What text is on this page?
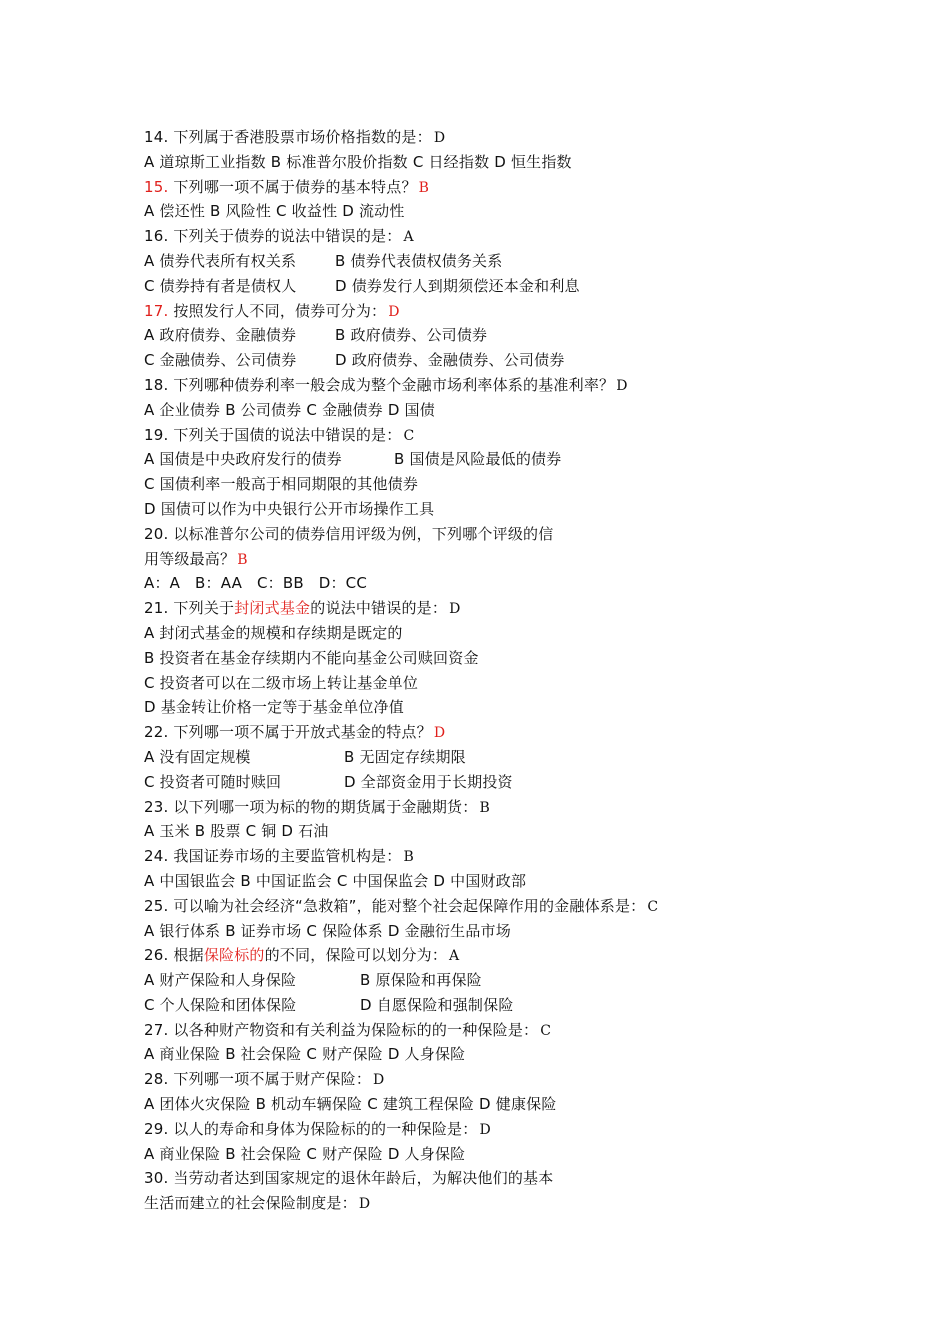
14. 下列属于香港股票市场价格指数的是： D
A 道琼斯工业指数 B 标准普尔股价指数 C 日经指数 D 恒生指数
15. 下列哪一项不属于债券的基本特点？ B
A 偿还性 B 风险性 C 收益性 D 流动性
16. 下列关于债券的说法中错误的是： A
A 债券代表所有权关系	B 债券代表债权债务关系
C 债券持有者是债权人	D 债券发行人到期须偿还本金和利息
17. 按照发行人不同，债券可分为： D
A 政府债券、金融债券	B 政府债券、公司债券
C 金融债券、公司债券	D 政府债券、金融债券、公司债券
18. 下列哪种债券利率一般会成为整个金融市场利率体系的基准利率？ D
A 企业债券 B 公司债券 C 金融债券 D 国债
19. 下列关于国债的说法中错误的是： C
A 国债是中央政府发行的债券	B 国债是风险最低的债券
C 国债利率一般高于相同期限的其他债券
D 国债可以作为中央银行公开市场操作工具
20. 以标准普尔公司的债券信用评级为例，下列哪个评级的信
用等级最高？ B
A：A   B：AA   C：BB   D：CC
21. 下列关于封闭式基金的说法中错误的是： D
A 封闭式基金的规模和存续期是既定的
B 投资者在基金存续期内不能向基金公司赎回资金
C 投资者可以在二级市场上转让基金单位
D 基金转让价格一定等于基金单位净值
22. 下列哪一项不属于开放式基金的特点？ D
A 没有固定规模	B 无固定存续期限
C 投资者可随时赎回	D 全部资金用于长期投资
23. 以下列哪一项为标的物的期货属于金融期货： B
A 玉米 B 股票 C 铜 D 石油
24. 我国证券市场的主要监管机构是： B
A 中国银监会 B 中国证监会 C 中国保监会 D 中国财政部
25. 可以喻为社会经济“急救箱”，能对整个社会起保障作用的金融体系是： C
A 银行体系 B 证券市场 C 保险体系 D 金融衍生品市场
26. 根据保险标的的不同，保险可以划分为： A
A 财产保险和人身保险	B 原保险和再保险
C 个人保险和团体保险	D 自愿保险和强制保险
27. 以各种财产物资和有关利益为保险标的的一种保险是： C
A 商业保险 B 社会保险 C 财产保险 D 人身保险
28. 下列哪一项不属于财产保险： D
A 团体火灾保险 B 机动车辆保险 C 建筑工程保险 D 健康保险
29. 以人的寿命和身体为保险标的的一种保险是： D
A 商业保险 B 社会保险 C 财产保险 D 人身保险
30. 当劳动者达到国家规定的退休年龄后，为解决他们的基本
生活而建立的社会保险制度是： D
